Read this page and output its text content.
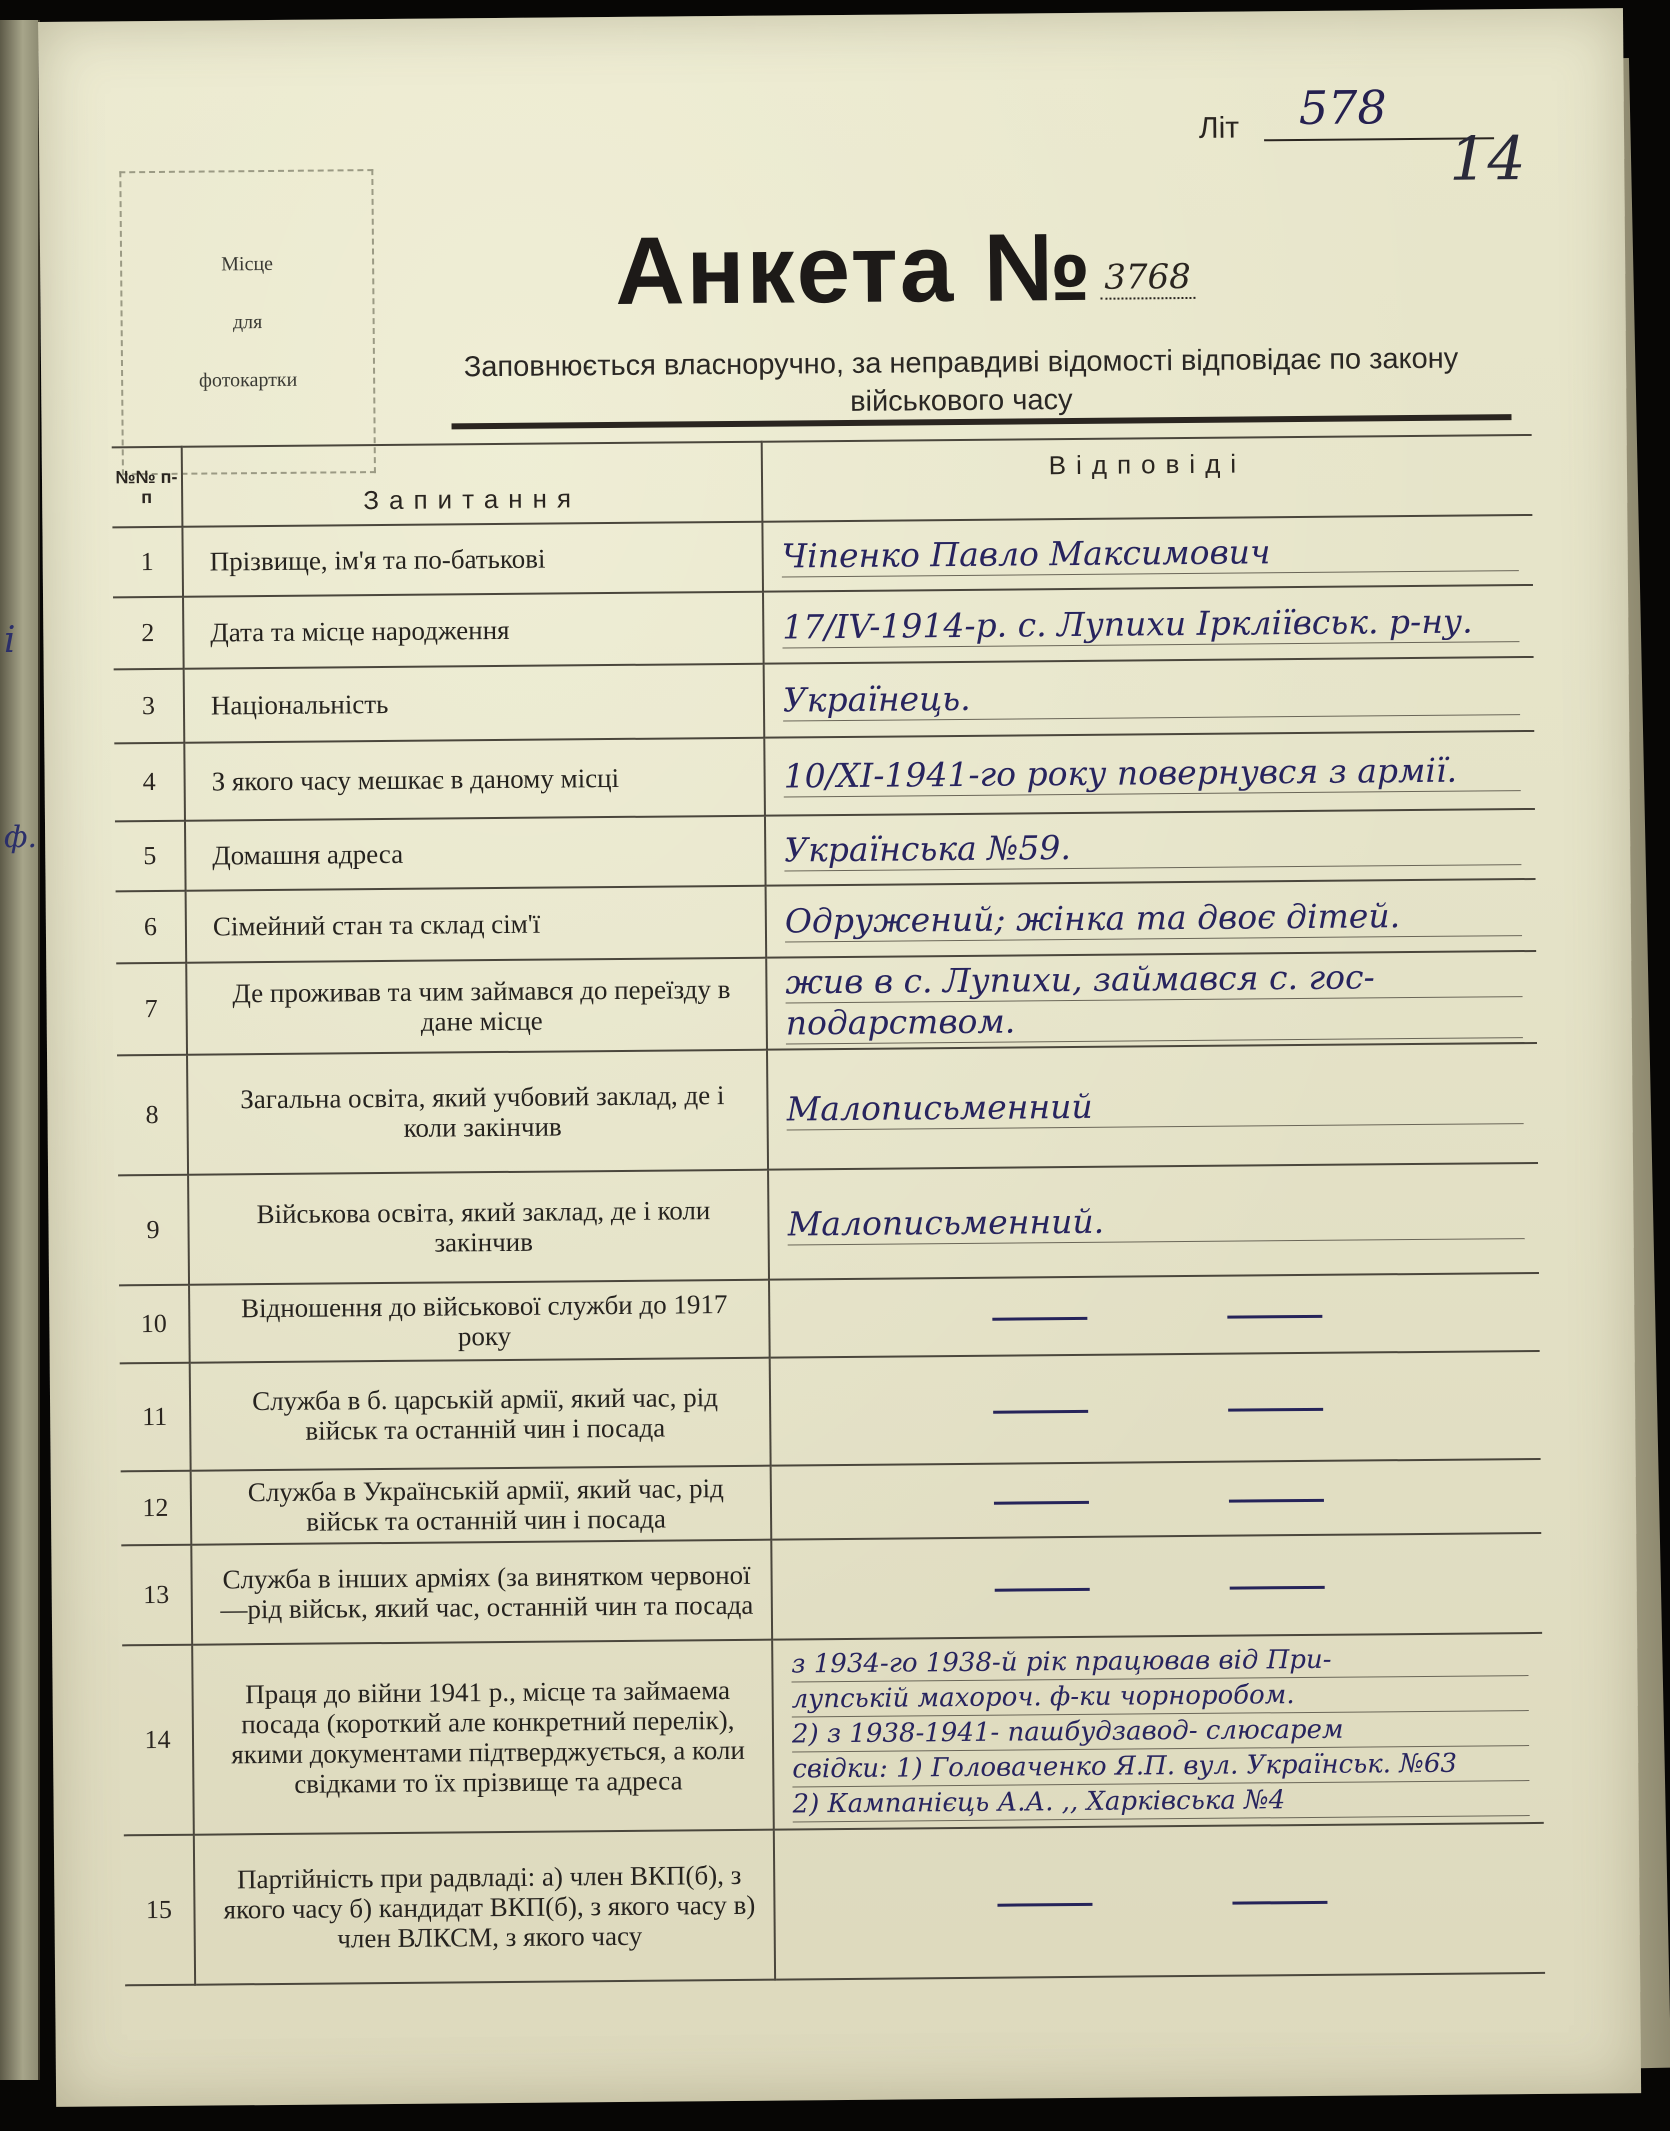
і
ф.
Місце
для
фотокартки
Літ 578
14
Анкета № 3768
Заповнюється власноручно, за неправдиві відомості відповідає по закону
військового часу
№№ п-п	Запитання	Відповіді
1	Прізвище, ім'я та по-батькові	Чіпенко Павло Максимович

2	Дата та місце народження	17/IV-1914-р. с. Лупихи Іркліївськ. р-ну.

3	Національність	Українець.

4	З якого часу мешкає в даному місці	10/XI-1941-го року повернувся з армії.

5	Домашня адреса	Українська №59.

6	Сімейний стан та склад сім'ї	Одружений; жінка та двоє дітей.

7	Де проживав та чим займався до переїзду в дане місце	жив в с. Лупихи, займався с. гос-
подарством.

8	Загальна освіта, який учбовий заклад, де і коли закінчив	Малописьменний

9	Військова освіта, який заклад, де і коли закінчив	Малописьменний.

10	Відношення до військової служби до 1917 року	
11	Служба в б. царській армії, який час, рід військ та останній чин і посада	
12	Служба в Українській армії, який час, рід військ та останній чин і посада	
13	Служба в інших арміях (за винятком червоної—рід військ, який час, останній чин та посада	
14	Праця до війни 1941 р., місце та займаема посада (короткий але конкретний перелік), якими документами підтверджується, а коли свідками то їх прізвище та адреса	з 1934-го 1938-й рік працював від При-
лупській махороч. ф-ки чорноробом.
2) з 1938-1941- пашбудзавод- слюсарем
свідки: 1) Головаченко Я.П. вул. Українськ. №63
2) Кампанієць А.А. ,, Харківська №4

15	Партійність при радвладі: а) член ВКП(б), з якого часу б) кандидат ВКП(б), з якого часу в) член ВЛКСМ, з якого часу	
